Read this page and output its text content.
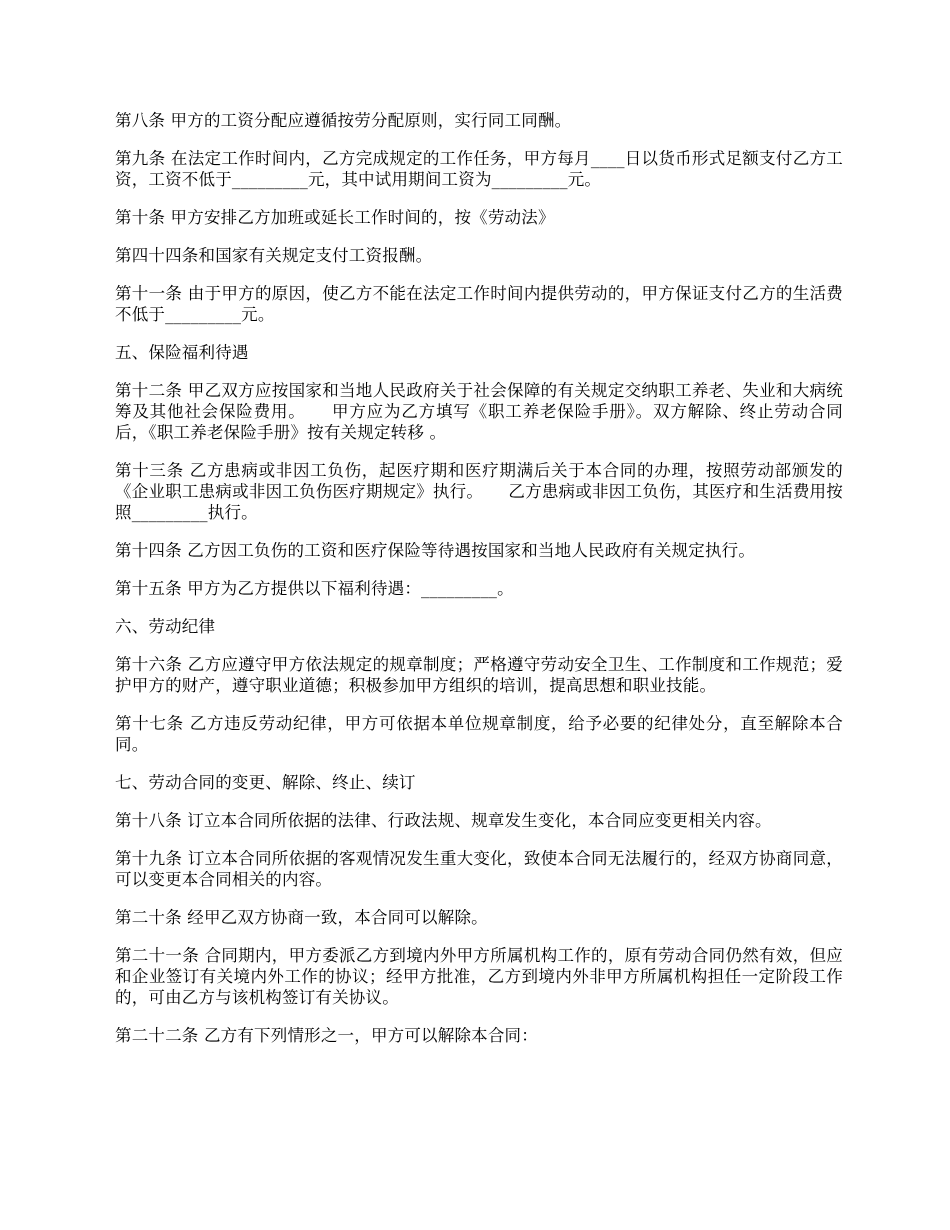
第八条 甲方的工资分配应遵循按劳分配原则，实行同工同酬。

第九条 在法定工作时间内，乙方完成规定的工作任务，甲方每月____日以货币形式足额支付乙方工资，工资不低于_________元，其中试用期间工资为_________元。

第十条 甲方安排乙方加班或延长工作时间的，按《劳动法》

第四十四条和国家有关规定支付工资报酬。

第十一条 由于甲方的原因，使乙方不能在法定工作时间内提供劳动的，甲方保证支付乙方的生活费不低于_________元。

五、保险福利待遇

第十二条 甲乙双方应按国家和当地人民政府关于社会保障的有关规定交纳职工养老、失业和大病统筹及其他社会保险费用。　　甲方应为乙方填写《职工养老保险手册》。双方解除、终止劳动合同后，《职工养老保险手册》按有关规定转移 。

第十三条 乙方患病或非因工负伤，起医疗期和医疗期满后关于本合同的办理，按照劳动部颁发的《企业职工患病或非因工负伤医疗期规定》执行。　　乙方患病或非因工负伤，其医疗和生活费用按照_________执行。

第十四条 乙方因工负伤的工资和医疗保险等待遇按国家和当地人民政府有关规定执行。

第十五条 甲方为乙方提供以下福利待遇：_________。

六、劳动纪律

第十六条 乙方应遵守甲方依法规定的规章制度；严格遵守劳动安全卫生、工作制度和工作规范；爱护甲方的财产，遵守职业道德；积极参加甲方组织的培训，提高思想和职业技能。

第十七条 乙方违反劳动纪律，甲方可依据本单位规章制度，给予必要的纪律处分，直至解除本合同。

七、劳动合同的变更、解除、终止、续订

第十八条 订立本合同所依据的法律、行政法规、规章发生变化，本合同应变更相关内容。

第十九条 订立本合同所依据的客观情况发生重大变化，致使本合同无法履行的，经双方协商同意，可以变更本合同相关的内容。

第二十条 经甲乙双方协商一致，本合同可以解除。

第二十一条 合同期内，甲方委派乙方到境内外甲方所属机构工作的，原有劳动合同仍然有效，但应和企业签订有关境内外工作的协议；经甲方批准，乙方到境内外非甲方所属机构担任一定阶段工作的，可由乙方与该机构签订有关协议。

第二十二条 乙方有下列情形之一，甲方可以解除本合同：
